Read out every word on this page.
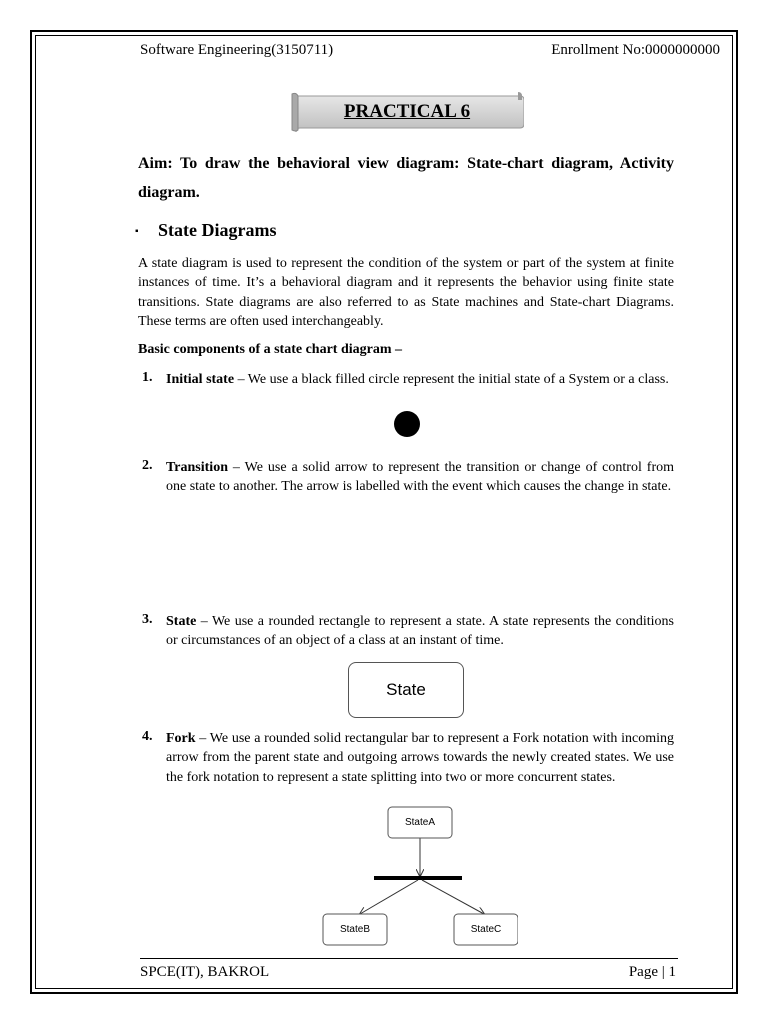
Software Engineering(3150711)	Enrollment No:0000000000
PRACTICAL 6
Aim: To draw the behavioral view diagram: State-chart diagram, Activity diagram.
▪ State Diagrams
A state diagram is used to represent the condition of the system or part of the system at finite instances of time. It’s a behavioral diagram and it represents the behavior using finite state transitions. State diagrams are also referred to as State machines and State-chart Diagrams. These terms are often used interchangeably.
Basic components of a state chart diagram –
1. Initial state – We use a black filled circle represent the initial state of a System or a class.
2. Transition – We use a solid arrow to represent the transition or change of control from one state to another. The arrow is labelled with the event which causes the change in state.
3. State – We use a rounded rectangle to represent a state. A state represents the conditions or circumstances of an object of a class at an instant of time.
State
4. Fork – We use a rounded solid rectangular bar to represent a Fork notation with incoming arrow from the parent state and outgoing arrows towards the newly created states. We use the fork notation to represent a state splitting into two or more concurrent states.
StateA
StateB	StateC
SPCE(IT), BAKROL	Page | 1
